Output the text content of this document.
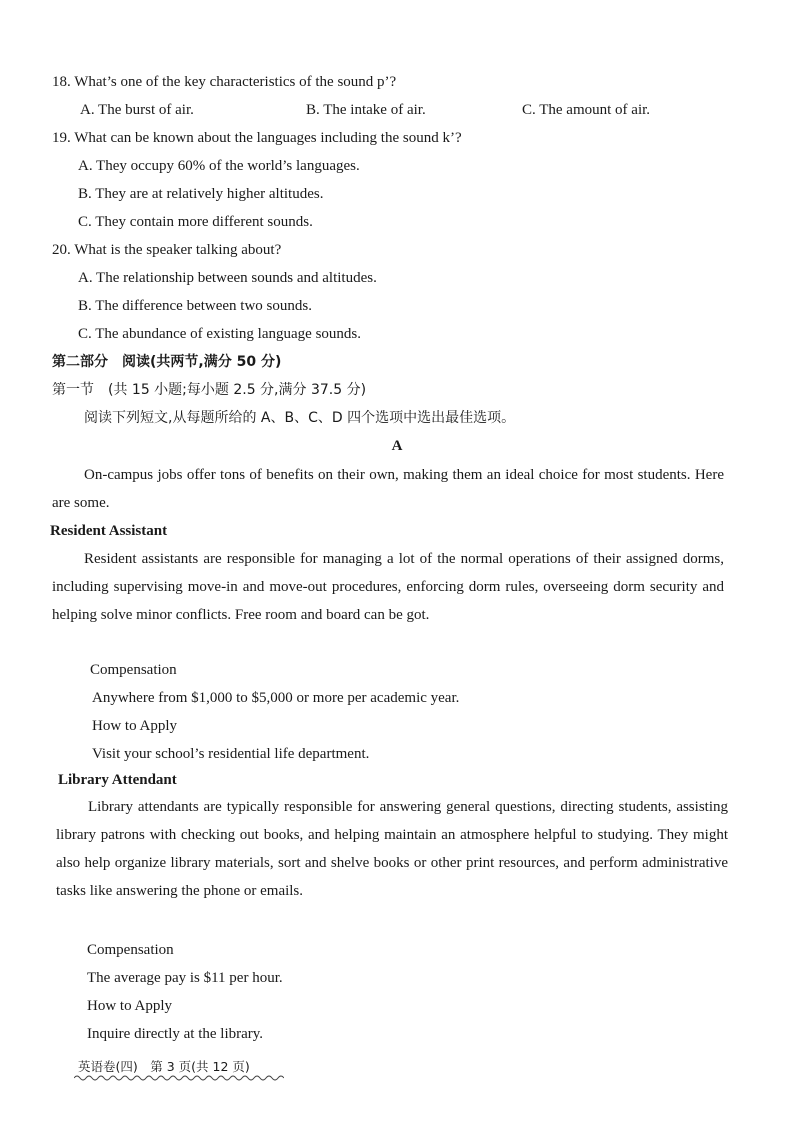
18. What’s one of the key characteristics of the sound p’?
A. The burst of air.	B. The intake of air.	C. The amount of air.
19. What can be known about the languages including the sound k’?
A. They occupy 60% of the world’s languages.
B. They are at relatively higher altitudes.
C. They contain more different sounds.
20. What is the speaker talking about?
A. The relationship between sounds and altitudes.
B. The difference between two sounds.
C. The abundance of existing language sounds.
第二部分　阅读(共两节,满分 50 分)
第一节　(共 15 小题;每小题 2.5 分,满分 37.5 分)
阅读下列短文,从每题所给的 A、B、C、D 四个选项中选出最佳选项。
A
On-campus jobs offer tons of benefits on their own, making them an ideal choice for most students. Here are some.
Resident Assistant
Resident assistants are responsible for managing a lot of the normal operations of their assigned dorms, including supervising move-in and move-out procedures, enforcing dorm rules, overseeing dorm security and helping solve minor conflicts. Free room and board can be got.
Compensation
Anywhere from $1,000 to $5,000 or more per academic year.
How to Apply
Visit your school’s residential life department.
Library Attendant
Library attendants are typically responsible for answering general questions, directing students, assisting library patrons with checking out books, and helping maintain an atmosphere helpful to studying. They might also help organize library materials, sort and shelve books or other print resources, and perform administrative tasks like answering the phone or emails.
Compensation
The average pay is $11 per hour.
How to Apply
Inquire directly at the library.
英语卷(四)　第 3 页(共 12 页)
